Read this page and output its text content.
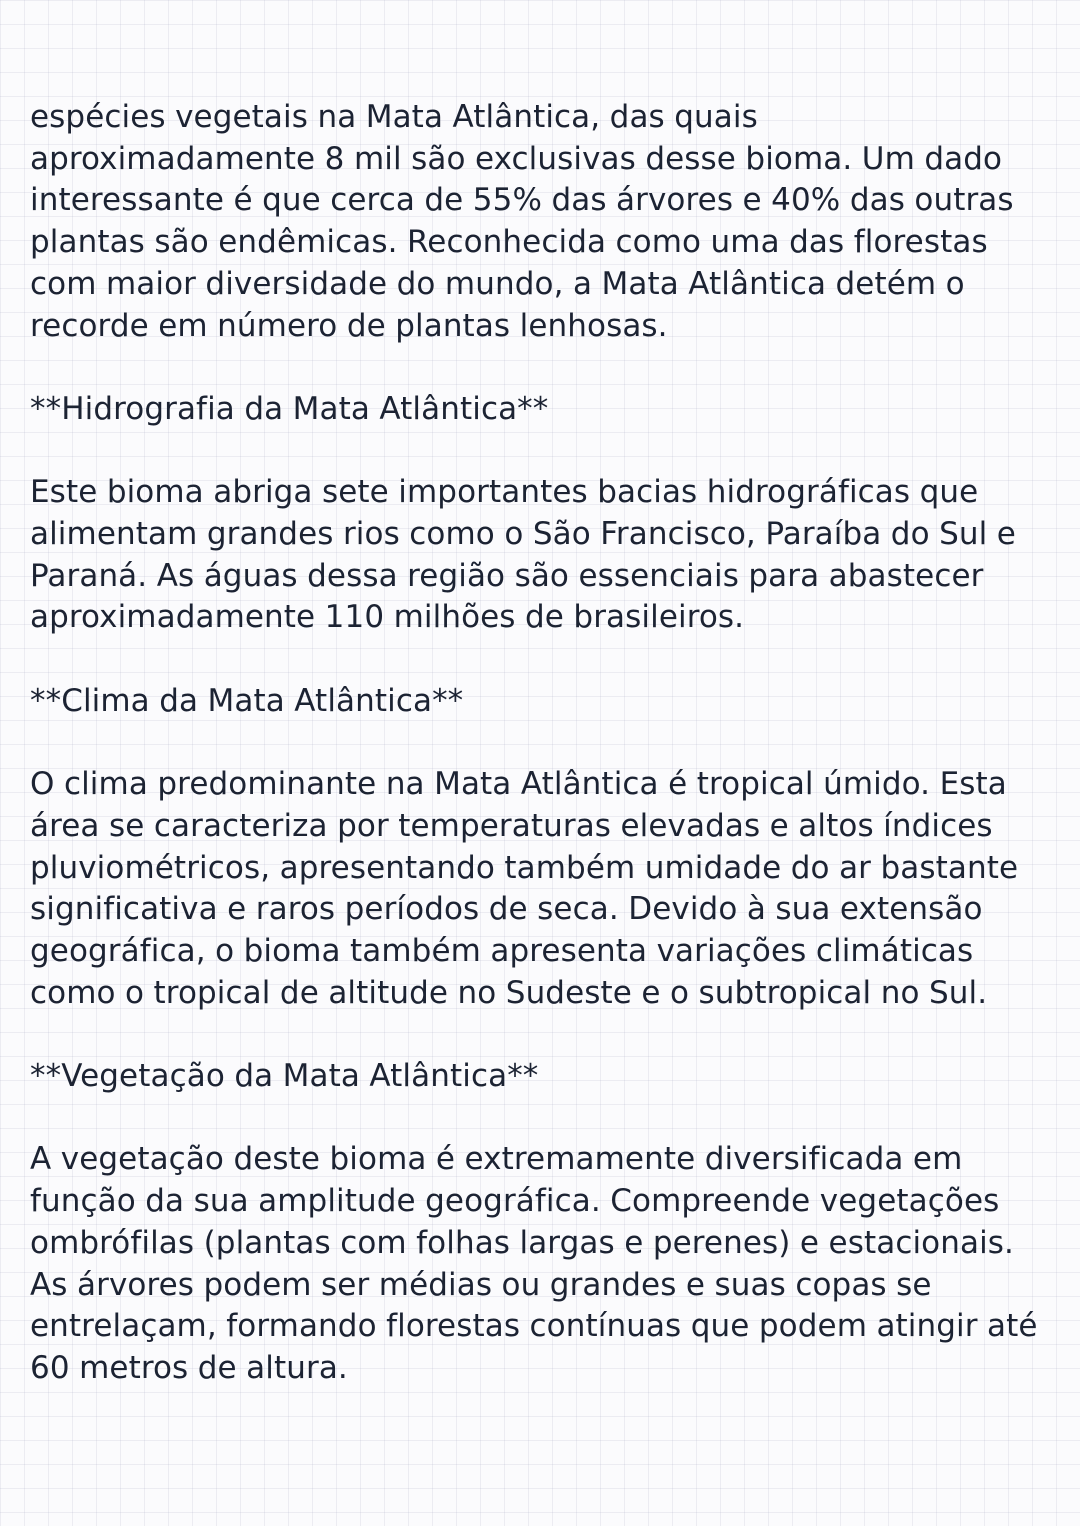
espécies vegetais na Mata Atlântica, das quais aproximadamente 8 mil são exclusivas desse bioma. Um dado interessante é que cerca de 55% das árvores e 40% das outras plantas são endêmicas. Reconhecida como uma das florestas com maior diversidade do mundo, a Mata Atlântica detém o recorde em número de plantas lenhosas.

**Hidrografia da Mata Atlântica**

Este bioma abriga sete importantes bacias hidrográficas que alimentam grandes rios como o São Francisco, Paraíba do Sul e Paraná. As águas dessa região são essenciais para abastecer aproximadamente 110 milhões de brasileiros.

**Clima da Mata Atlântica**

O clima predominante na Mata Atlântica é tropical úmido. Esta área se caracteriza por temperaturas elevadas e altos índices pluviométricos, apresentando também umidade do ar bastante significativa e raros períodos de seca. Devido à sua extensão geográfica, o bioma também apresenta variações climáticas como o tropical de altitude no Sudeste e o subtropical no Sul.

**Vegetação da Mata Atlântica**

A vegetação deste bioma é extremamente diversificada em função da sua amplitude geográfica. Compreende vegetações ombrófilas (plantas com folhas largas e perenes) e estacionais. As árvores podem ser médias ou grandes e suas copas se entrelaçam, formando florestas contínuas que podem atingir até 60 metros de altura.
